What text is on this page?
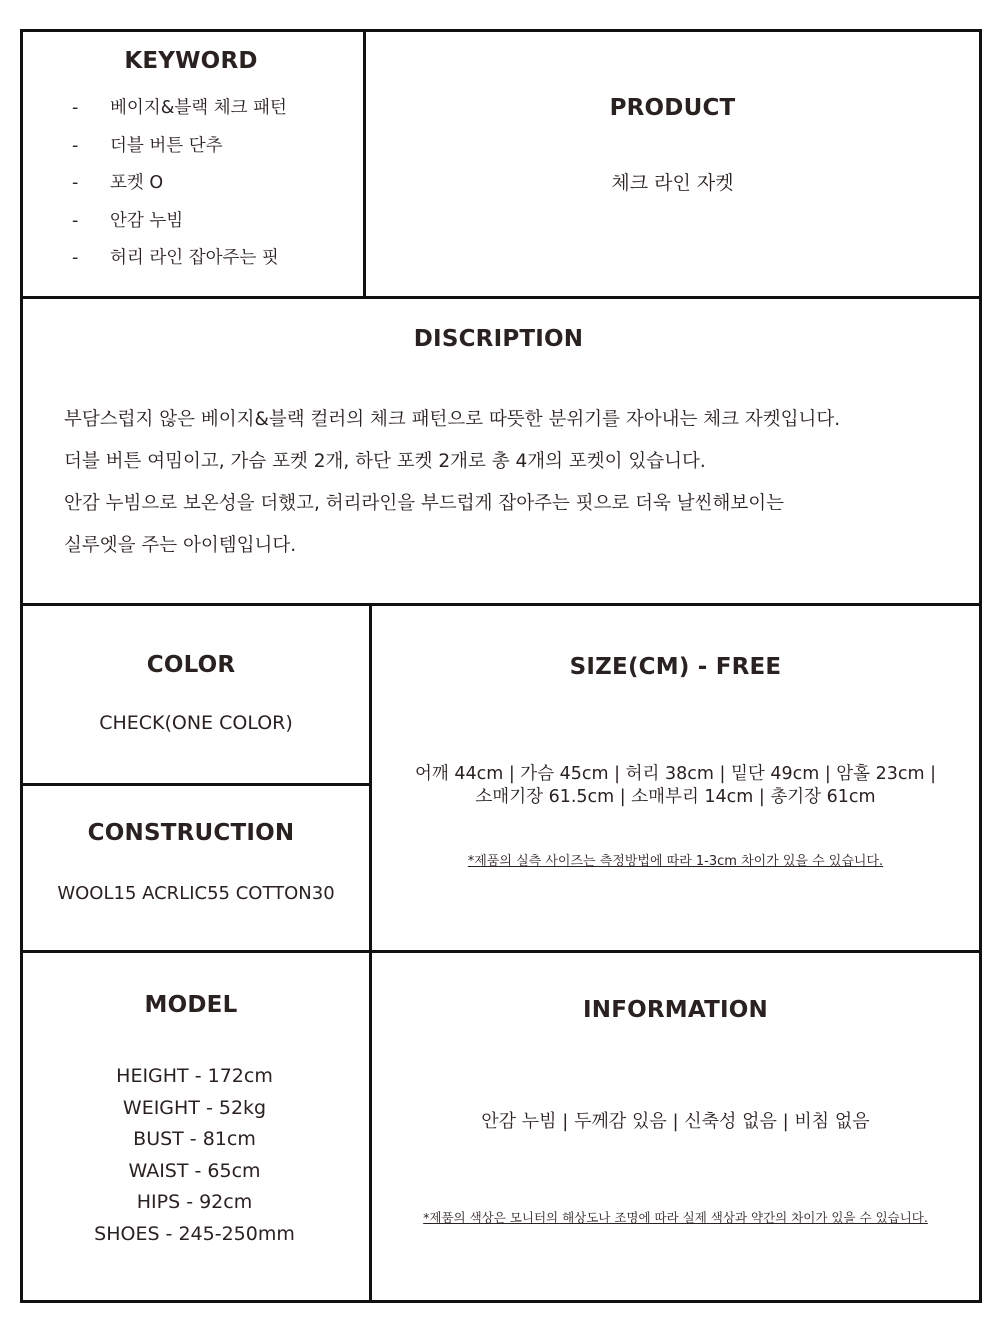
KEYWORD
-	베이지&블랙 체크 패턴
-	더블 버튼 단추
-	포켓 O
-	안감 누빔
-	허리 라인 잡아주는 핏
PRODUCT
체크 라인 자켓
DISCRIPTION

부담스럽지 않은 베이지&블랙 컬러의 체크 패턴으로 따뜻한 분위기를 자아내는 체크 자켓입니다.

더블 버튼 여밈이고, 가슴 포켓 2개, 하단 포켓 2개로 총 4개의 포켓이 있습니다.

안감 누빔으로 보온성을 더했고, 허리라인을 부드럽게 잡아주는 핏으로 더욱 날씬해보이는

실루엣을 주는 아이템입니다.

COLOR
CHECK(ONE COLOR)
CONSTRUCTION
WOOL15 ACRLIC55 COTTON30
SIZE(CM) - FREE
어깨 44cm | 가슴 45cm | 허리 38cm | 밑단 49cm | 암홀 23cm |
소매기장 61.5cm | 소매부리 14cm | 총기장 61cm
*제품의 실측 사이즈는 측정방법에 따라 1-3cm 차이가 있을 수 있습니다.
MODEL
HEIGHT - 172cm
WEIGHT - 52kg
BUST - 81cm
WAIST - 65cm
HIPS - 92cm
SHOES - 245-250mm
INFORMATION
안감 누빔 | 두께감 있음 | 신축성 없음 | 비침 없음
*제품의 색상은 모니터의 해상도나 조명에 따라 실제 색상과 약간의 차이가 있을 수 있습니다.
